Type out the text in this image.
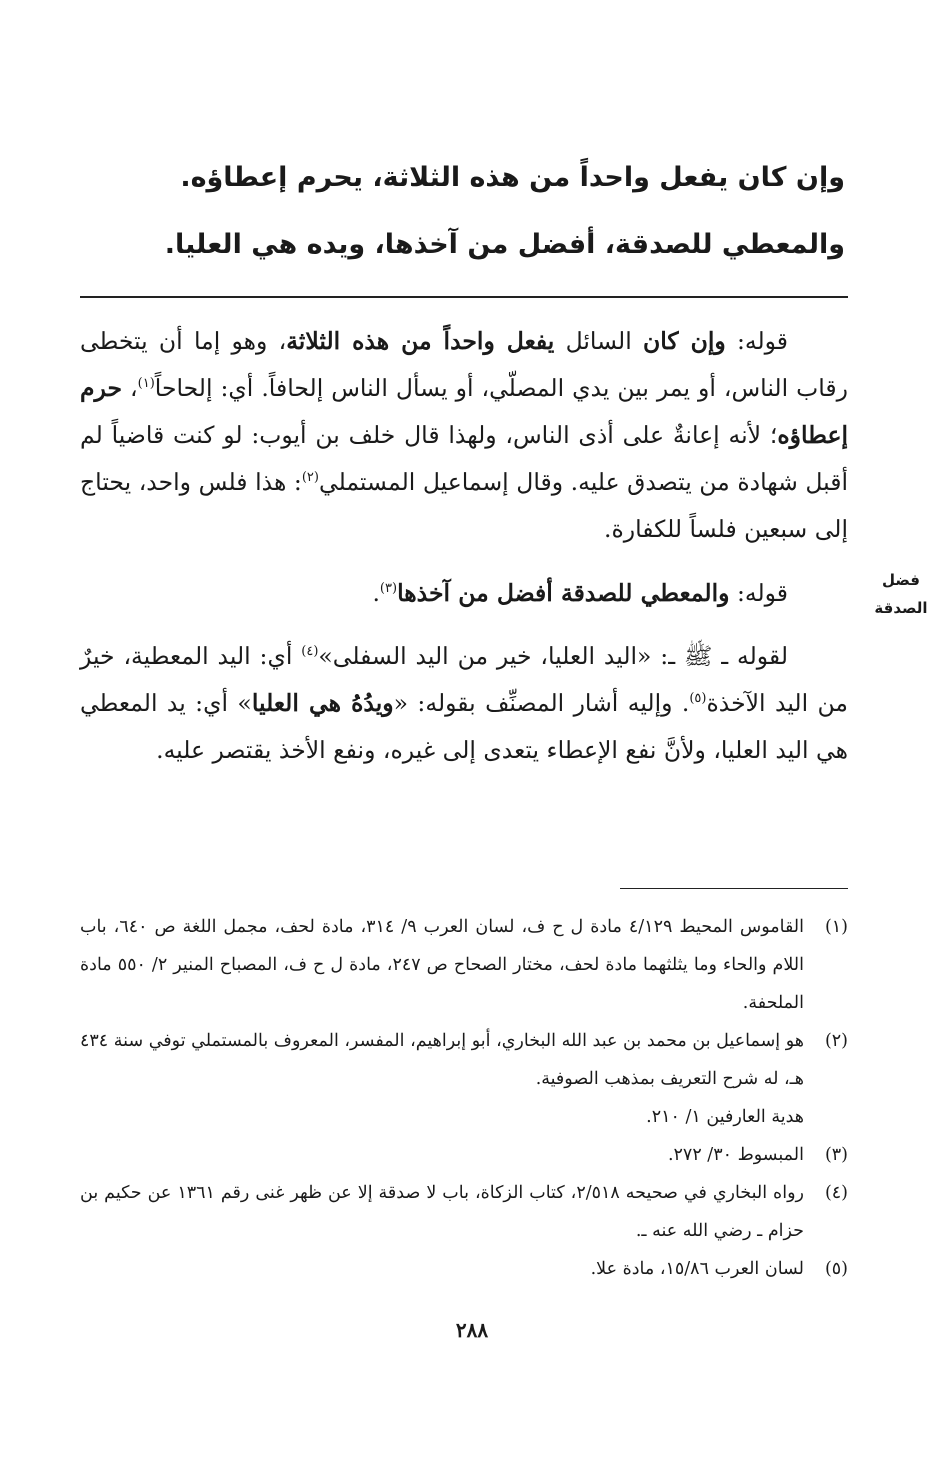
وإن كان يفعل واحداً من هذه الثلاثة، يحرم إعطاؤه.
والمعطي للصدقة، أفضل من آخذها، ويده هي العليا.

قوله: وإن كان السائل يفعل واحداً من هذه الثلاثة، وهو إما أن يتخطى رقاب الناس، أو يمر بين يدي المصلّي، أو يسأل الناس إلحافاً. أي: إلحاحاً$^{(١)}$، حرم إعطاؤه؛ لأنه إعانةٌ على أذى الناس، ولهذا قال خلف بن أيوب: لو كنت قاضياً لم أقبل شهادة من يتصدق عليه. وقال إسماعيل المستملي$^{(٢)}$: هذا فلس واحد، يحتاج إلى سبعين فلساً للكفارة.

قوله: والمعطي للصدقة أفضل من آخذها$^{(٣)}$.	فضل
الصدقة

لقوله ـ ﷺ ـ: «اليد العليا، خير من اليد السفلى»$^{(٤)}$ أي: اليد المعطية، خيرٌ من اليد الآخذة$^{(٥)}$. وإليه أشار المصنِّف بقوله: «ويدُهُ هي العليا» أي: يد المعطي هي اليد العليا، ولأنَّ نفع الإعطاء يتعدى إلى غيره، ونفع الأخذ يقتصر عليه.

(١)
القاموس المحيط ٤/١٢٩ مادة ل ح ف، لسان العرب ٩/ ٣١٤، مادة لحف، مجمل اللغة ص ٦٤٠، باب اللام والحاء وما يثلثهما مادة لحف، مختار الصحاح ص ٢٤٧، مادة ل ح ف، المصباح المنير ٢/ ٥٥٠ مادة الملحفة.
(٢)
هو إسماعيل بن محمد بن عبد الله البخاري، أبو إبراهيم، المفسر، المعروف بالمستملي توفي سنة ٤٣٤ هـ، له شرح التعريف بمذهب الصوفية.
هدية العارفين ١/ ٢١٠.
(٣)
المبسوط ٣٠/ ٢٧٢.
(٤)
رواه البخاري في صحيحه ٢/٥١٨، كتاب الزكاة، باب لا صدقة إلا عن ظهر غنى رقم ١٣٦١ عن حكيم بن حزام ـ رضي الله عنه ـ.
(٥)
لسان العرب ١٥/٨٦، مادة علا.
٢٨٨
